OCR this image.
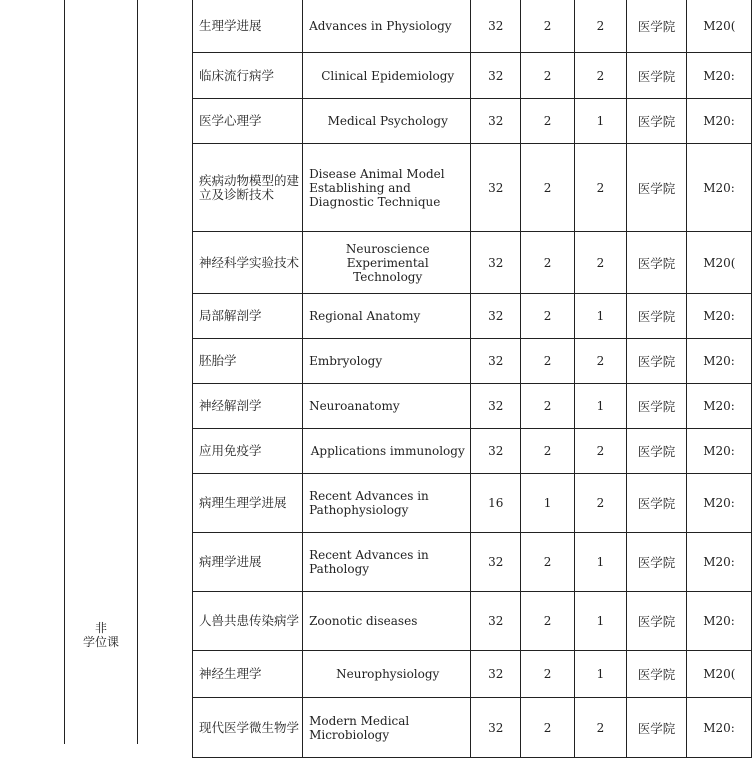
非
学位课
生理学进展	Advances in Physiology	32	2	2	医学院	M20(
临床流行病学	Clinical Epidemiology	32	2	2	医学院	M20:
医学心理学	Medical Psychology	32	2	1	医学院	M20:
疾病动物模型的建立及诊断技术	Disease Animal Model
Establishing and
Diagnostic Technique	32	2	2	医学院	M20:
神经科学实验技术	Neuroscience Experimental
Technology	32	2	2	医学院	M20(
局部解剖学	Regional Anatomy	32	2	1	医学院	M20:
胚胎学	Embryology	32	2	2	医学院	M20:
神经解剖学	Neuroanatomy	32	2	1	医学院	M20:
应用免疫学	Applications immunology	32	2	2	医学院	M20:
病理生理学进展	Recent Advances in
Pathophysiology	16	1	2	医学院	M20:
病理学进展	Recent Advances in
Pathology	32	2	1	医学院	M20:
人兽共患传染病学	Zoonotic diseases	32	2	1	医学院	M20:
神经生理学	Neurophysiology	32	2	1	医学院	M20(
现代医学微生物学	Modern Medical
Microbiology	32	2	2	医学院	M20:
